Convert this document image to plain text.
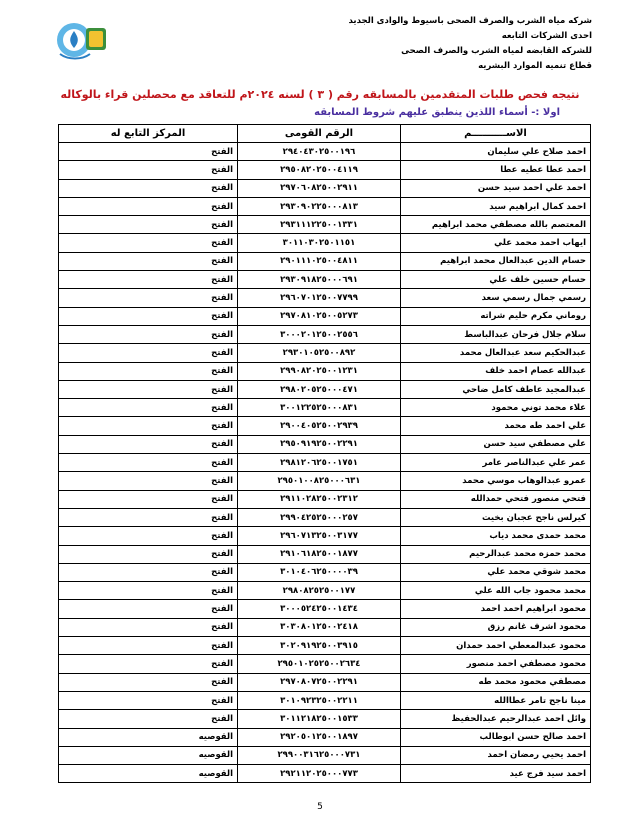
شركه مياه الشرب والصرف الصحى باسيوط والوادى الجديد
احدى الشركات التابعه
للشركه القابضه لمياه الشرب والصرف الصحى
قطاع تنميه الموارد البشريه
نتيجه فحص طلبات المتقدمين بالمسابقه رقم ( ٣ ) لسنه ٢٠٢٤م للتعاقد مع محصلين قراء بالوكاله
اولا :- أسماء اللذين ينطبق عليهم شروط المسابقه
الاســــــــــم	الرقم القومى	المركز التابع له
احمد صلاح علي سليمان	٢٩٤٠٤٣٠٢٥٠٠١٩٦	الفتح
احمد عطا عطيه عطا	٢٩٥٠٨٢٠٢٥٠٠٤١١٩	الفتح
احمد علي احمد سيد حسن	٢٩٧٠٦٠٨٢٥٠٠٢٩١١	الفتح
احمد كمال ابراهيم سيد	٢٩٣٠٩٠٢٢٥٠٠٠٨١٣	الفتح
المعتصم بالله مصطفي محمد ابراهيم	٢٩٣١١١٢٢٥٠٠١٣٣١	الفتح
ايهاب احمد محمد علي	٣٠١١٠٣٠٢٥٠١١٥١	الفتح
حسام الدين عبدالعال محمد ابراهيم	٢٩٠١١١٠٢٥٠٠٤٨١١	الفتح
حسام حسين خلف علي	٢٩٣٠٩١٨٢٥٠٠٠٦٩١	الفتح
رسمي جمال رسمي سعد	٢٩٦٠٧٠١٢٥٠٠٧٧٩٩	الفتح
روماني مكرم حليم شراته	٢٩٧٠٨١٠٢٥٠٠٥٢٧٣	الفتح
سلام جلال فرحان عبدالباسط	٣٠٠٠٢٠١٢٥٠٠٢٥٥٦	الفتح
عبدالحكيم سعد عبدالعال محمد	٢٩٣٠١٠٥٢٥٠٠٨٩٢	الفتح
عبدالله عصام احمد خلف	٢٩٩٠٨٢٠٢٥٠٠١٢٣١	الفتح
عبدالمجيد عاطف كامل ضاحي	٢٩٨٠٢٠٥٢٥٠٠٠٤٧١	الفتح
علاء محمد توني محمود	٣٠٠١٢٢٥٢٥٠٠٠٨٣١	الفتح
علي احمد طه محمد	٢٩٠٠٤٠٥٢٥٠٠٢٩٣٩	الفتح
علي مصطفي سيد حسن	٢٩٥٠٩١٩٢٥٠٠٢٢٩١	الفتح
عمر علي عبدالناصر عامر	٢٩٨١٢٠٦٢٥٠٠١٧٥١	الفتح
عمرو عبدالوهاب موسي محمد	٢٩٥٠١٠٠٨٢٥٠٠٠٦٣١	الفتح
فتحي منصور فتحي حمدالله	٢٩١١٠٢٨٢٥٠٠٢٣١٢	الفتح
كيرلس ناجح عجبان بخيت	٢٩٩٠٤٢٥٢٥٠٠٠٢٥٧	الفتح
محمد حمدى محمد دياب	٢٩٦٠٧١٣٢٥٠٠٣١٧٧	الفتح
محمد حمزه محمد عبدالرحيم	٢٩١٠٦١٨٢٥٠٠١٨٧٧	الفتح
محمد شوقي محمد علي	٣٠١٠٤٠٦٢٥٠٠٠٠٣٩	الفتح
محمد محمود جاب الله علي	٢٩٨٠٨٢٥٢٥٠٠١٧٧	الفتح
محمود ابراهيم احمد احمد	٣٠٠٠٥٢٤٢٥٠٠١٤٣٤	الفتح
محمود اشرف غانم رزق	٣٠٣٠٨٠١٢٥٠٠٢٤١٨	الفتح
محمود عبدالمعطي احمد حمدان	٣٠٢٠٩١٩٢٥٠٠٣٩١٥	الفتح
محمود مصطفي احمد منصور	٢٩٥٠١٠٢٥٢٥٠٠٢٦٣٤	الفتح
مصطفي محمود محمد طه	٢٩٧٠٨٠٧٢٥٠٠٢٢٩١	الفتح
مينا ناجح تامر عطاالله	٣٠١٠٩٢٣٢٥٠٠٢٢١١	الفتح
وائل احمد عبدالرحيم عبدالحفيظ	٣٠١١٢١٨٢٥٠٠١٥٣٣	الفتح
احمد صالح حسن ابوطالب	٢٩٢٠٥٠١٢٥٠٠١٨٩٧	القوصيه
احمد يحيي رمضان احمد	٢٩٩٠٠٣١٦٢٥٠٠٠٧٣١	القوصيه
احمد سيد فرج عيد	٢٩٢١١٢٠٢٥٠٠٠٧٧٣	القوصيه
5
